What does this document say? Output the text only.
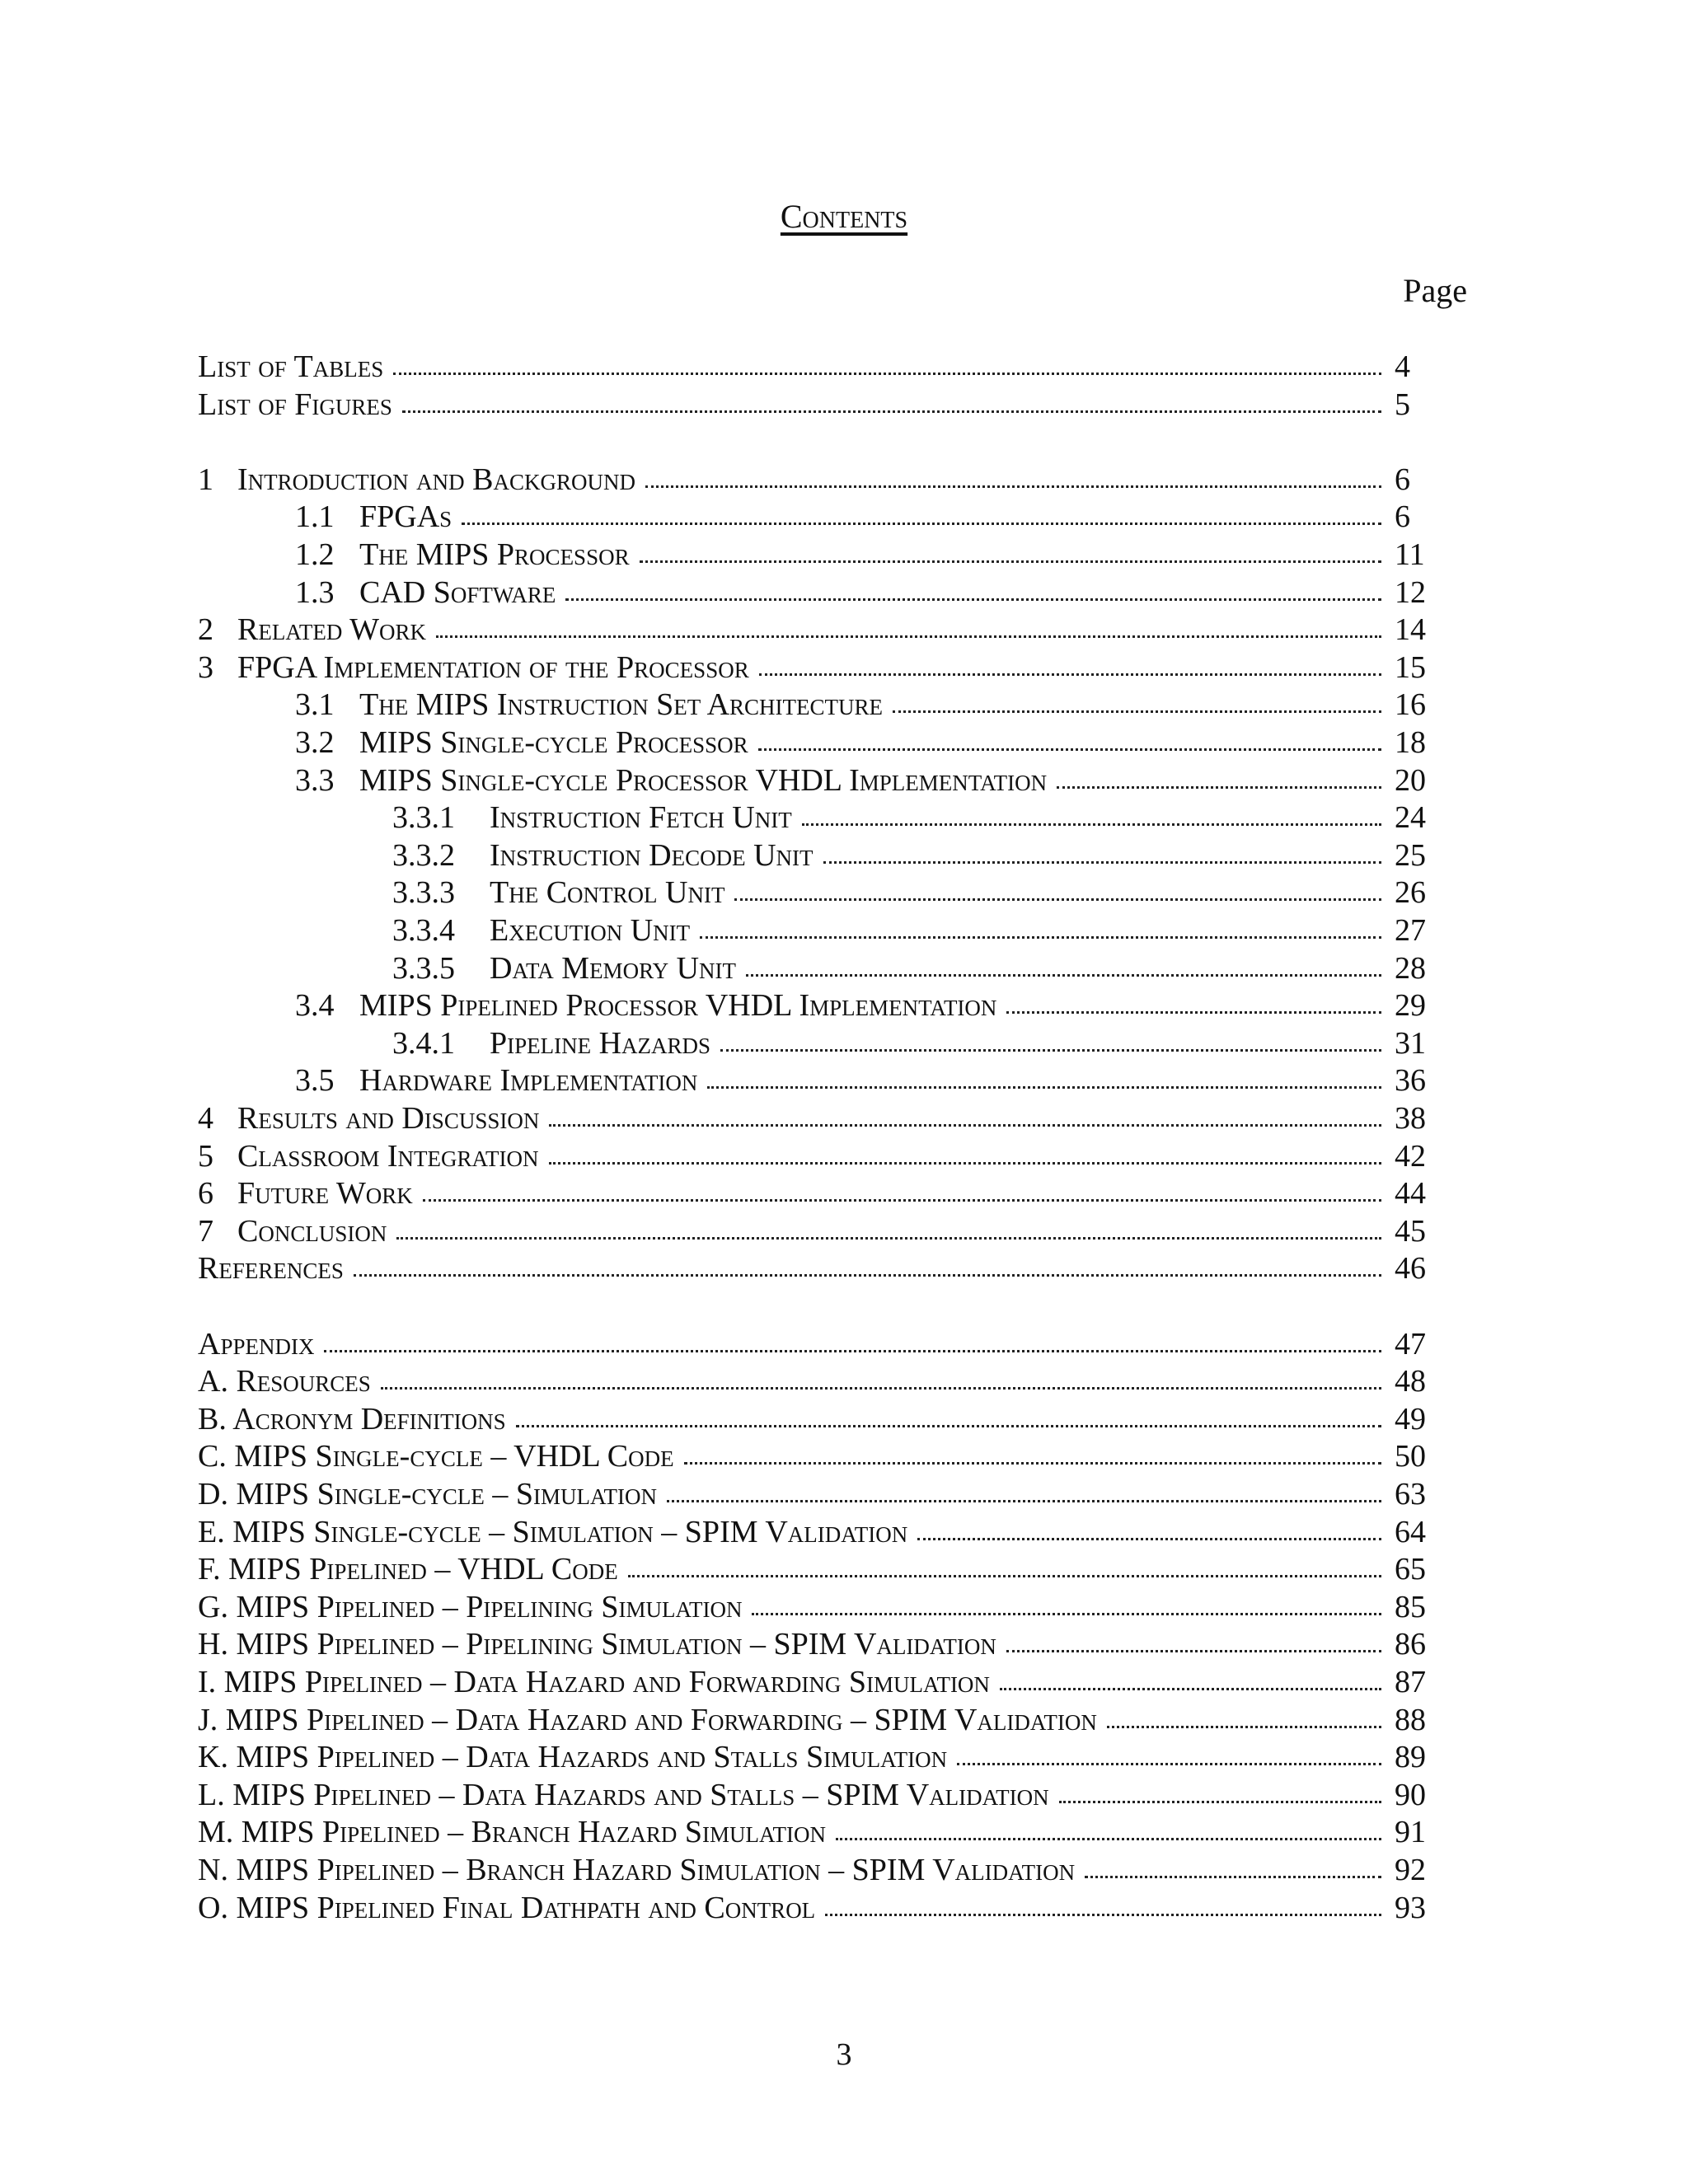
Contents
Page
List of Tables	4
List of Figures	5
1 Introduction and Background	6
1.1 FPGAs	6
1.2 The MIPS Processor	11
1.3 CAD Software	12
2 Related Work	14
3 FPGA Implementation of the Processor	15
3.1 The MIPS Instruction Set Architecture	16
3.2 MIPS Single-cycle Processor	18
3.3 MIPS Single-cycle Processor VHDL Implementation	20
3.3.1	Instruction Fetch Unit	24
3.3.2	Instruction Decode Unit	25
3.3.3	The Control Unit	26
3.3.4	Execution Unit	27
3.3.5	Data Memory Unit	28
3.4 MIPS Pipelined Processor VHDL Implementation	29
3.4.1	Pipeline Hazards	31
3.5 Hardware Implementation	36
4 Results and Discussion	38
5 Classroom Integration	42
6 Future Work	44
7 Conclusion	45
References	46
Appendix	47
A. Resources	48
B. Acronym Definitions	49
C. MIPS Single-cycle – VHDL Code	50
D. MIPS Single-cycle – Simulation	63
E. MIPS Single-cycle – Simulation – SPIM Validation	64
F. MIPS Pipelined – VHDL Code	65
G. MIPS Pipelined – Pipelining Simulation	85
H. MIPS Pipelined – Pipelining Simulation – SPIM Validation	86
I. MIPS Pipelined – Data Hazard and Forwarding Simulation	87
J. MIPS Pipelined – Data Hazard and Forwarding – SPIM Validation	88
K. MIPS Pipelined – Data Hazards and Stalls Simulation	89
L. MIPS Pipelined – Data Hazards and Stalls – SPIM Validation	90
M. MIPS Pipelined – Branch Hazard Simulation	91
N. MIPS Pipelined – Branch Hazard Simulation – SPIM Validation	92
O. MIPS Pipelined Final Dathpath and Control	93
3
